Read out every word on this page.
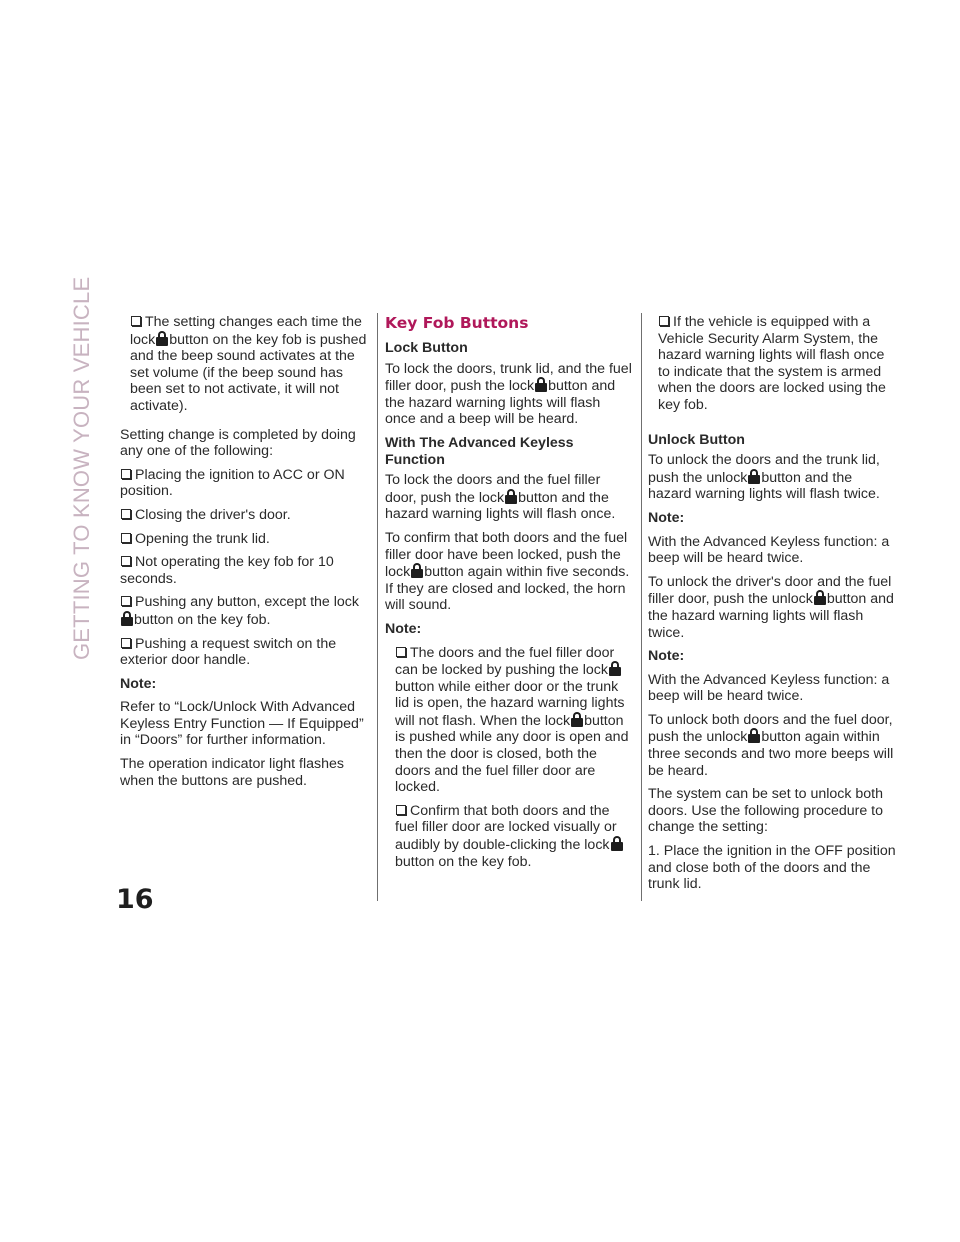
GETTING TO KNOW YOUR VEHICLE
16
The setting changes each time the lock button on the key fob is pushed and the beep sound activates at the set volume (if the beep sound has been set to not activate, it will not activate).

Setting change is completed by doing any one of the following:

Placing the ignition to ACC or ON position.
Closing the driver's door.
Opening the trunk lid.
Not operating the key fob for 10 seconds.
Pushing any button, except the lock

button on the key fob.
Pushing a request switch on the exterior door handle.

Note:

Refer to “Lock/Unlock With Advanced Keyless Entry Function — If Equipped” in “Doors” for further information.

The operation indicator light flashes when the buttons are pushed.

Key Fob Buttons

Lock Button

To lock the doors, trunk lid, and the fuel filler door, push the lock button and the hazard warning lights will flash once and a beep will be heard.

With The Advanced Keyless Function

To lock the doors and the fuel filler door, push the lock button and the hazard warning lights will flash once.

To confirm that both doors and the fuel filler door have been locked, push the lock button again within five seconds. If they are closed and locked, the horn will sound.

Note:

The doors and the fuel filler door can be locked by pushing the lock
button while either door or the trunk lid is open, the hazard warning lights will not flash. When the lock button is pushed while any door is open and then the door is closed, both the doors and the fuel filler door are locked.
Confirm that both doors and the fuel filler door are locked visually or audibly by double-clicking the lock
button on the key fob.
If the vehicle is equipped with a Vehicle Security Alarm System, the hazard warning lights will flash once to indicate that the system is armed when the doors are locked using the key fob.

Unlock Button

To unlock the doors and the trunk lid, push the unlock button and the hazard warning lights will flash twice.

Note:

With the Advanced Keyless function: a beep will be heard twice.

To unlock the driver's door and the fuel filler door, push the unlock button and the hazard warning lights will flash twice.

Note:

With the Advanced Keyless function: a beep will be heard twice.

To unlock both doors and the fuel door, push the unlock button again within three seconds and two more beeps will be heard.

The system can be set to unlock both doors. Use the following procedure to change the setting:

1. Place the ignition in the OFF position and close both of the doors and the trunk lid.
